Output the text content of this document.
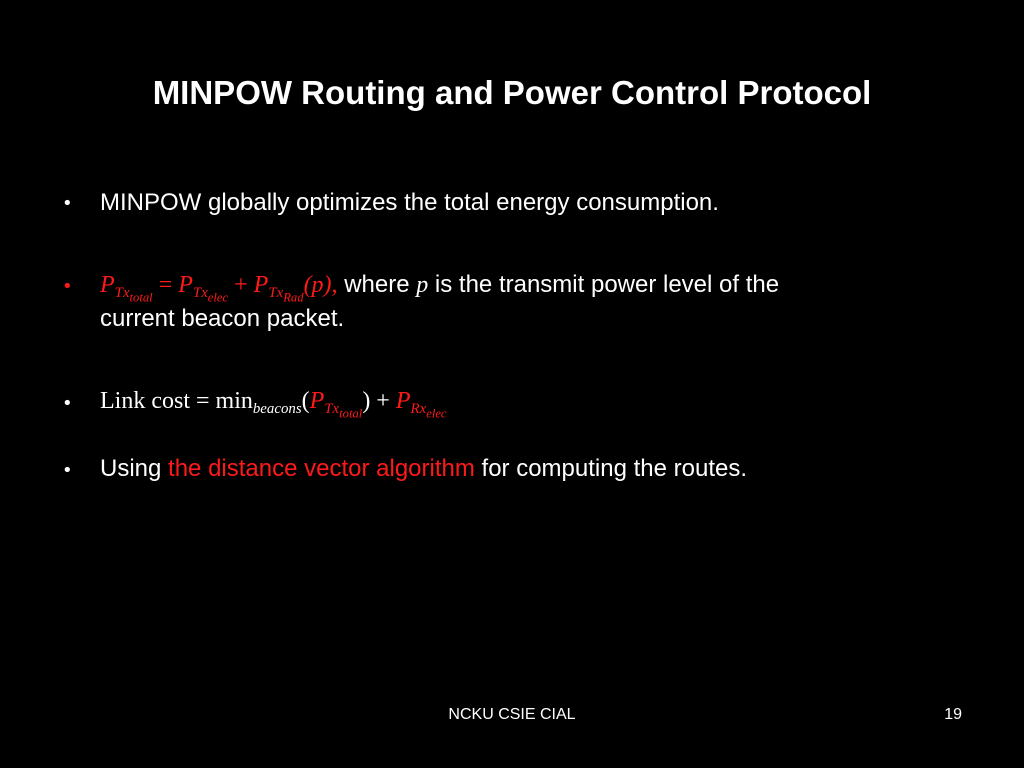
MINPOW Routing and Power Control Protocol
• MINPOW globally optimizes the total energy consumption.
• $P_{Tx_{total}} = P_{Tx_{elec}} + P_{Tx_{Rad}}(p)$, where p is the transmit power level of the
current beacon packet.
• Link $\cos t = \min_{beacons}(P_{Tx_{total}}) + P_{Rx_{elec}}$
• Using the distance vector algorithm for computing the routes.
NCKU CSIE CIAL	19
